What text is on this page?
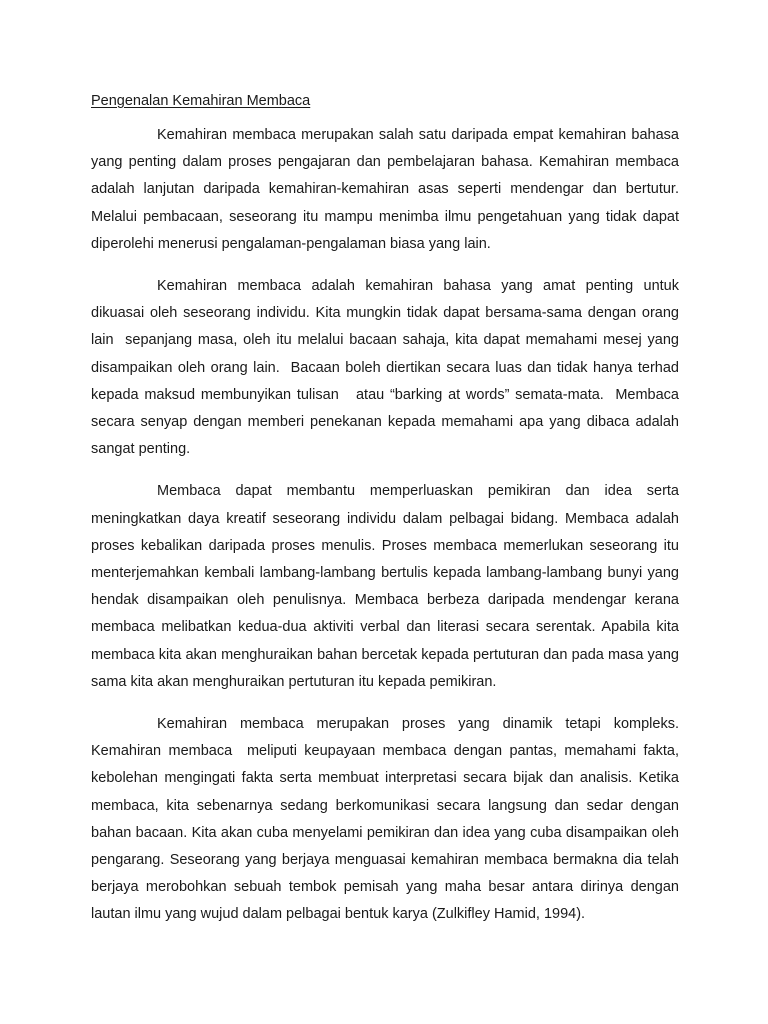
Pengenalan Kemahiran Membaca

Kemahiran membaca merupakan salah satu daripada empat kemahiran bahasa yang penting dalam proses pengajaran dan pembelajaran bahasa. Kemahiran membaca adalah lanjutan daripada kemahiran-kemahiran asas seperti mendengar dan bertutur. Melalui pembacaan, seseorang itu mampu menimba ilmu pengetahuan yang tidak dapat diperolehi menerusi pengalaman-pengalaman biasa yang lain.

Kemahiran membaca adalah kemahiran bahasa yang amat penting untuk dikuasai oleh seseorang individu. Kita mungkin tidak dapat bersama-sama dengan orang lain  sepanjang masa, oleh itu melalui bacaan sahaja, kita dapat memahami mesej yang disampaikan oleh orang lain.  Bacaan boleh diertikan secara luas dan tidak hanya terhad kepada maksud membunyikan tulisan   atau “barking at words” semata-mata.  Membaca secara senyap dengan memberi penekanan kepada memahami apa yang dibaca adalah sangat penting.

Membaca dapat membantu memperluaskan pemikiran dan idea serta meningkatkan daya kreatif seseorang individu dalam pelbagai bidang. Membaca adalah proses kebalikan daripada proses menulis. Proses membaca memerlukan seseorang itu menterjemahkan kembali lambang-lambang bertulis kepada lambang-lambang bunyi yang hendak disampaikan oleh penulisnya. Membaca berbeza daripada mendengar kerana membaca melibatkan kedua-dua aktiviti verbal dan literasi secara serentak. Apabila kita membaca kita akan menghuraikan bahan bercetak kepada pertuturan dan pada masa yang sama kita akan menghuraikan pertuturan itu kepada pemikiran.

Kemahiran membaca merupakan proses yang dinamik tetapi kompleks. Kemahiran membaca  meliputi keupayaan membaca dengan pantas, memahami fakta, kebolehan mengingati fakta serta membuat interpretasi secara bijak dan analisis. Ketika membaca, kita sebenarnya sedang berkomunikasi secara langsung dan sedar dengan bahan bacaan. Kita akan cuba menyelami pemikiran dan idea yang cuba disampaikan oleh pengarang. Seseorang yang berjaya menguasai kemahiran membaca bermakna dia telah berjaya merobohkan sebuah tembok pemisah yang maha besar antara dirinya dengan lautan ilmu yang wujud dalam pelbagai bentuk karya (Zulkifley Hamid, 1994).
